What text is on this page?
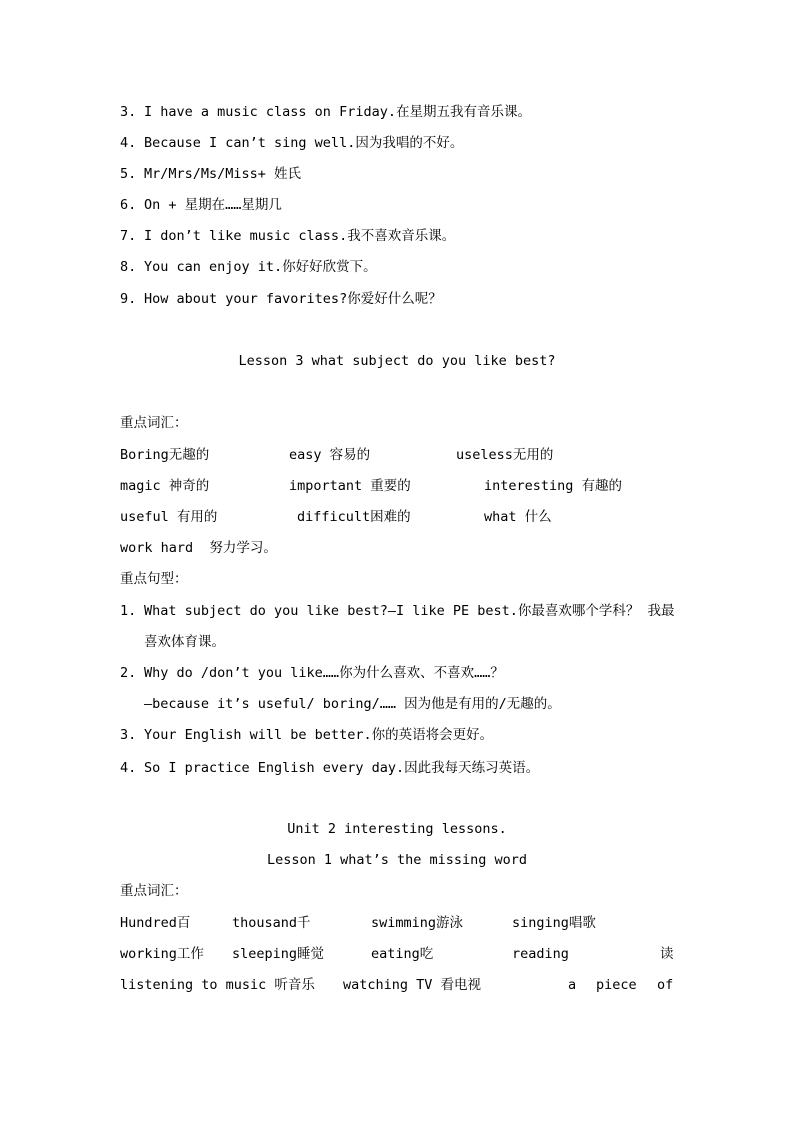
3. I have a music class on Friday.在星期五我有音乐课。
4. Because I can’t sing well.因为我唱的不好。
5. Mr/Mrs/Ms/Miss+ 姓氏
6. On + 星期在……星期几
7. I don’t like music class.我不喜欢音乐课。
8. You can enjoy it.你好好欣赏下。
9. How about your favorites?你爱好什么呢？
Lesson 3 what subject do you like best?
重点词汇：
Boring无趣的	easy 容易的	useless无用的
magic 神奇的	important 重要的	interesting 有趣的
useful 有用的	difficult困难的	what 什么
work hard  努力学习。
重点句型：
1. What subject do you like best?—I like PE best.你最喜欢哪个学科？ 我最
喜欢体育课。
2. Why do /don’t you like……你为什么喜欢、不喜欢……？
—because it’s useful/ boring/…… 因为他是有用的/无趣的。
3. Your English will be better.你的英语将会更好。
4. So I practice English every day.因此我每天练习英语。
Unit 2 interesting lessons.
Lesson 1 what’s the missing word
重点词汇：
Hundred百	thousand千	swimming游泳	singing唱歌
working工作 sleeping睡觉	eating吃	reading	读
listening to music 听音乐 watching TV 看电视	a piece of
